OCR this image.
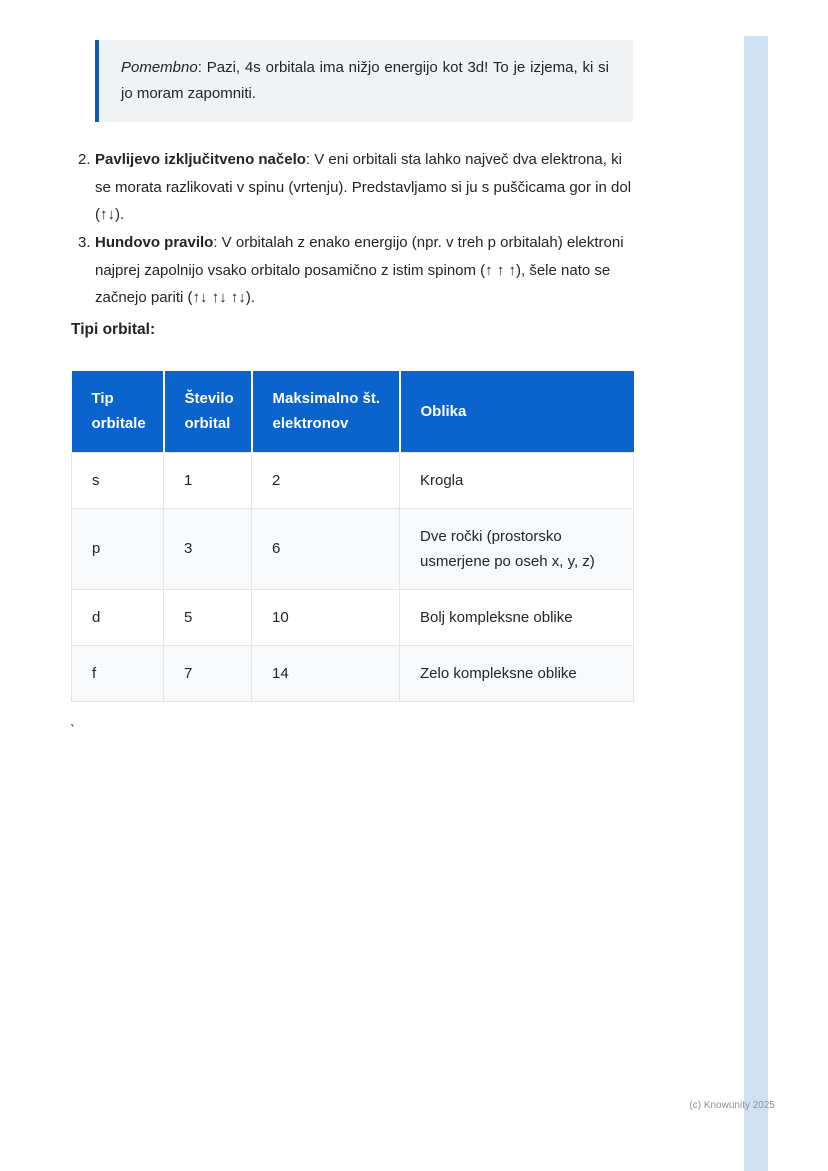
Pomembno: Pazi, 4s orbitala ima nižjo energijo kot 3d! To je izjema, ki si jo moram zapomniti.

2. Pavlijevo izključitveno načelo: V eni orbitali sta lahko največ dva elektrona, ki se morata razlikovati v spinu (vrtenju). Predstavljamo si ju s puščicama gor in dol (↑↓).
3. Hundovo pravilo: V orbitalah z enako energijo (npr. v treh p orbitalah) elektroni najprej zapolnijo vsako orbitalo posamično z istim spinom (↑ ↑ ↑), šele nato se začnejo pariti (↑↓ ↑↓ ↑↓).
Tipi orbital:
Tip orbitale	Število orbital	Maksimalno št. elektronov	Oblika
s	1	2	Krogla
p	3	6	Dve ročki (prostorsko usmerjene po oseh x, y, z)
d	5	10	Bolj kompleksne oblike
f	7	14	Zelo kompleksne oblike
`
(c) Knowunity 2025
